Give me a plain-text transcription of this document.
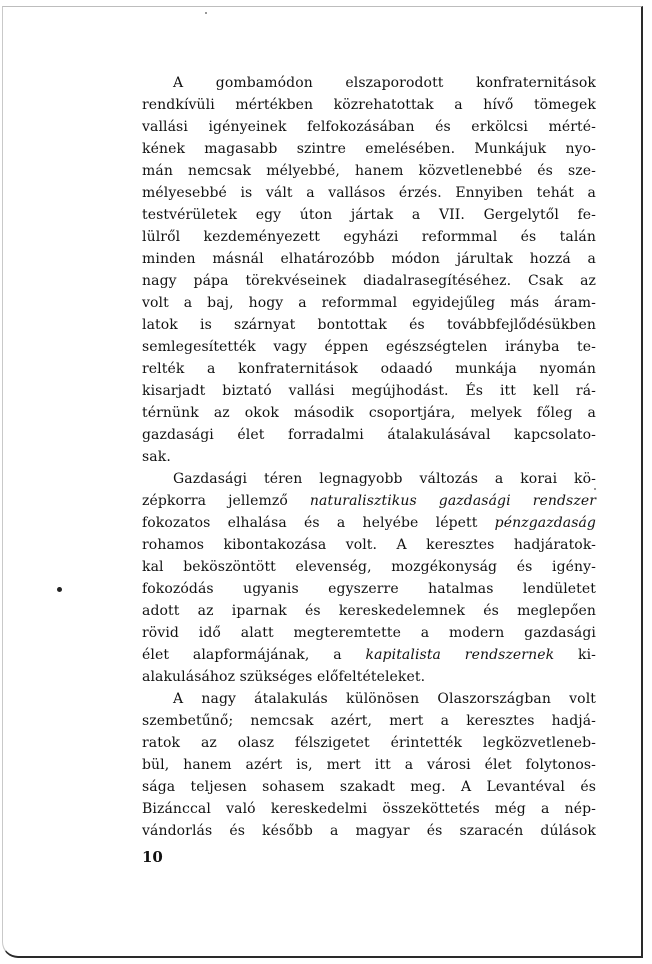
A gombamódon elszaporodott konfraternitások
rendkívüli mértékben közrehatottak a hívő tömegek
vallási igényeinek felfokozásában és erkölcsi mérté-
kének magasabb szintre emelésében. Munkájuk nyo-
mán nemcsak mélyebbé, hanem közvetlenebbé és sze-
mélyesebbé is vált a vallásos érzés. Ennyiben tehát a
testvérületek egy úton jártak a VII. Gergelytől fe-
lülről kezdeményezett egyházi reformmal és talán
minden másnál elhatározóbb módon járultak hozzá a
nagy pápa törekvéseinek diadalrasegítéséhez. Csak az
volt a baj, hogy a reformmal egyidejűleg más áram-
latok is szárnyat bontottak és továbbfejlődésükben
semlegesítették vagy éppen egészségtelen irányba te-
relték a konfraternitások odaadó munkája nyomán
kisarjadt biztató vallási megújhodást. És itt kell rá-
térnünk az okok második csoportjára, melyek főleg a
gazdasági élet forradalmi átalakulásával kapcsolato-
sak.
Gazdasági téren legnagyobb változás a korai kö-
zépkorra jellemző naturalisztikus gazdasági rendszer
fokozatos elhalása és a helyébe lépett pénzgazdaság
rohamos kibontakozása volt. A keresztes hadjáratok-
kal beköszöntött elevenség, mozgékonyság és igény-
fokozódás ugyanis egyszerre hatalmas lendületet
adott az iparnak és kereskedelemnek és meglepően
rövid idő alatt megteremtette a modern gazdasági
élet alapformájának, a kapitalista rendszernek ki-
alakulásához szükséges előfeltételeket.
A nagy átalakulás különösen Olaszországban volt
szembetűnő; nemcsak azért, mert a keresztes hadjá-
ratok az olasz félszigetet érintették legközvetleneb-
bül, hanem azért is, mert itt a városi élet folytonos-
sága teljesen sohasem szakadt meg. A Levantéval és
Bizánccal való kereskedelmi összeköttetés még a nép-
vándorlás és később a magyar és szaracén dúlások
10
